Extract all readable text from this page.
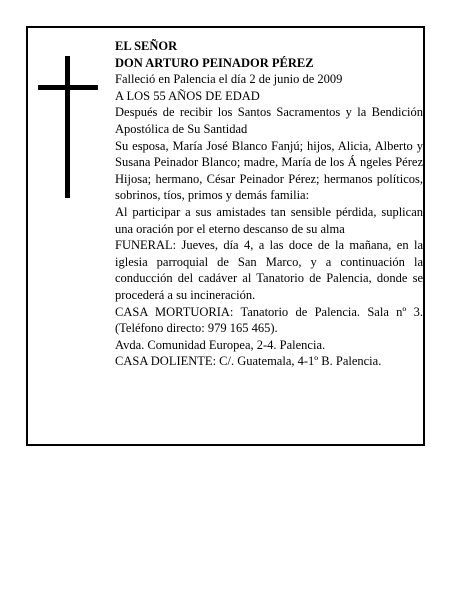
EL SEÑOR

DON ARTURO PEINADOR PÉREZ

Falleció en Palencia el día 2 de junio de 2009

A LOS 55 AÑOS DE EDAD

Después de recibir los Santos Sacramentos y la Bendición Apostólica de Su Santidad

Su esposa, María José Blanco Fanjú; hijos, Alicia, Alberto y Susana Peinador Blanco; madre, María de los Á ngeles Pérez Hijosa; hermano, César Peinador Pérez; hermanos políticos, sobrinos, tíos, primos y demás familia:

Al participar a sus amistades tan sensible pérdida, suplican una oración por el eterno descanso de su alma

FUNERAL: Jueves, día 4, a las doce de la mañana, en la iglesia parroquial de San Marco, y a continuación la conducción del cadáver al Tanatorio de Palencia, donde se procederá a su incineración.

CASA MORTUORIA: Tanatorio de Palencia. Sala nº 3. (Teléfono directo: 979 165 465).

Avda. Comunidad Europea, 2-4. Palencia.

CASA DOLIENTE: C/. Guatemala, 4-1º B. Palencia.
